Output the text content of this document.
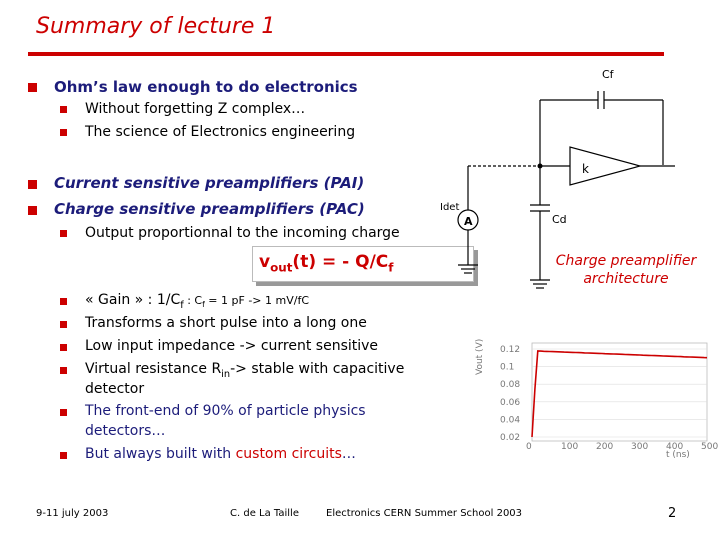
Summary of lecture 1
Ohm’s law enough to do electronics
Without forgetting Z complex…
The science of Electronics engineering
Current sensitive preamplifiers (PAI)
Charge sensitive preamplifiers (PAC)
Output proportionnal to the incoming charge
$v_{out}(t)$ = - $Q/C_f$
« Gain » : $1/C_f$ : $C_f = 1$ pF -> 1 mV/fC
Transforms a short pulse into a long one
Low input impedance -> current sensitive
Virtual resistance $R_{in}->$ stable with capacitive
detector
The front-end of 90% of particle physics
detectors…
But always built with custom circuits…
Cf
k
Idet
Cd
A
Charge preamplifier architecture
0.12
0.1
0.08
0.06
0.04
0.02
0	100 200 300 400 500
Vout (V)
t (ns)
9-11 july 2003	C. de La Taille	Electronics CERN Summer School 2003	2
